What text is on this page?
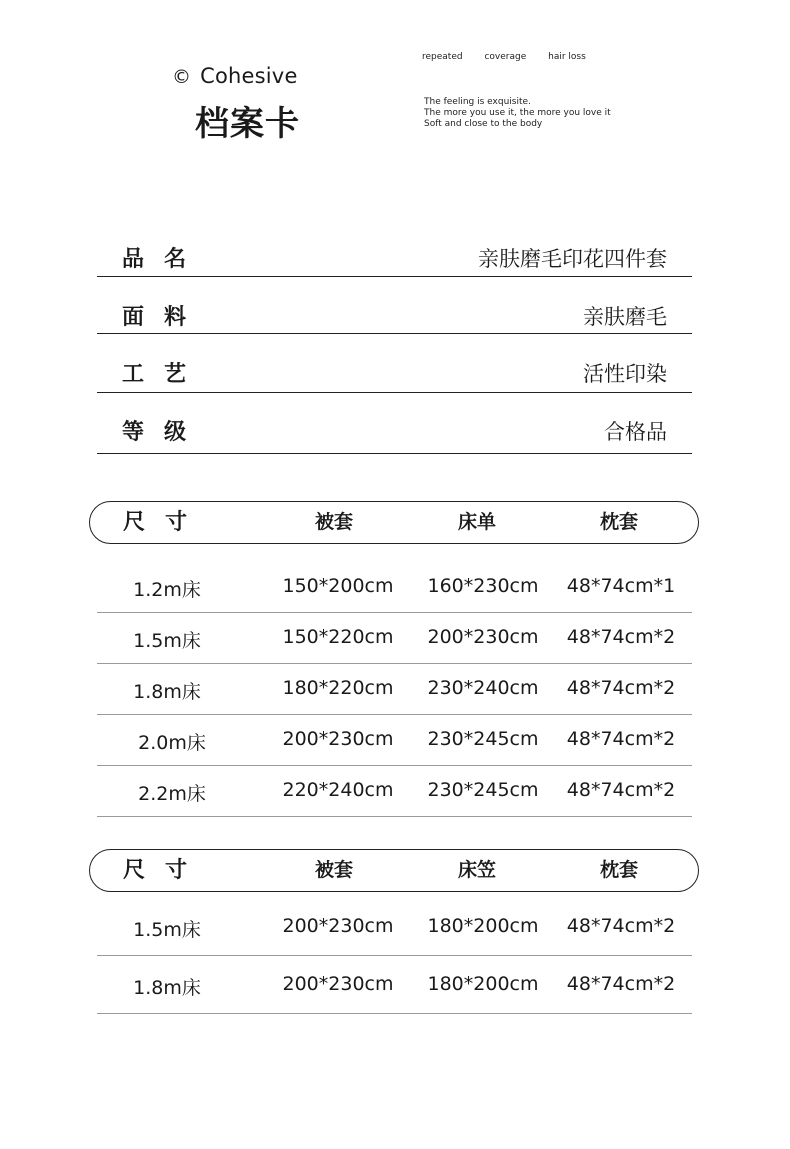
© Cohesive
档案卡
repeated coverage hair loss
The feeling is exquisite.
The more you use it, the more you love it
Soft and close to the body
品名	亲肤磨毛印花四件套
面料	亲肤磨毛
工艺	活性印染
等级	合格品
尺寸	被套	床单	枕套
1.2m床	150*200cm	160*230cm	48*74cm*1
1.5m床	150*220cm	200*230cm	48*74cm*2
1.8m床	180*220cm	230*240cm	48*74cm*2
2.0m床	200*230cm	230*245cm	48*74cm*2
2.2m床	220*240cm	230*245cm	48*74cm*2
尺寸	被套	床笠	枕套
1.5m床	200*230cm	180*200cm	48*74cm*2
1.8m床	200*230cm	180*200cm	48*74cm*2
